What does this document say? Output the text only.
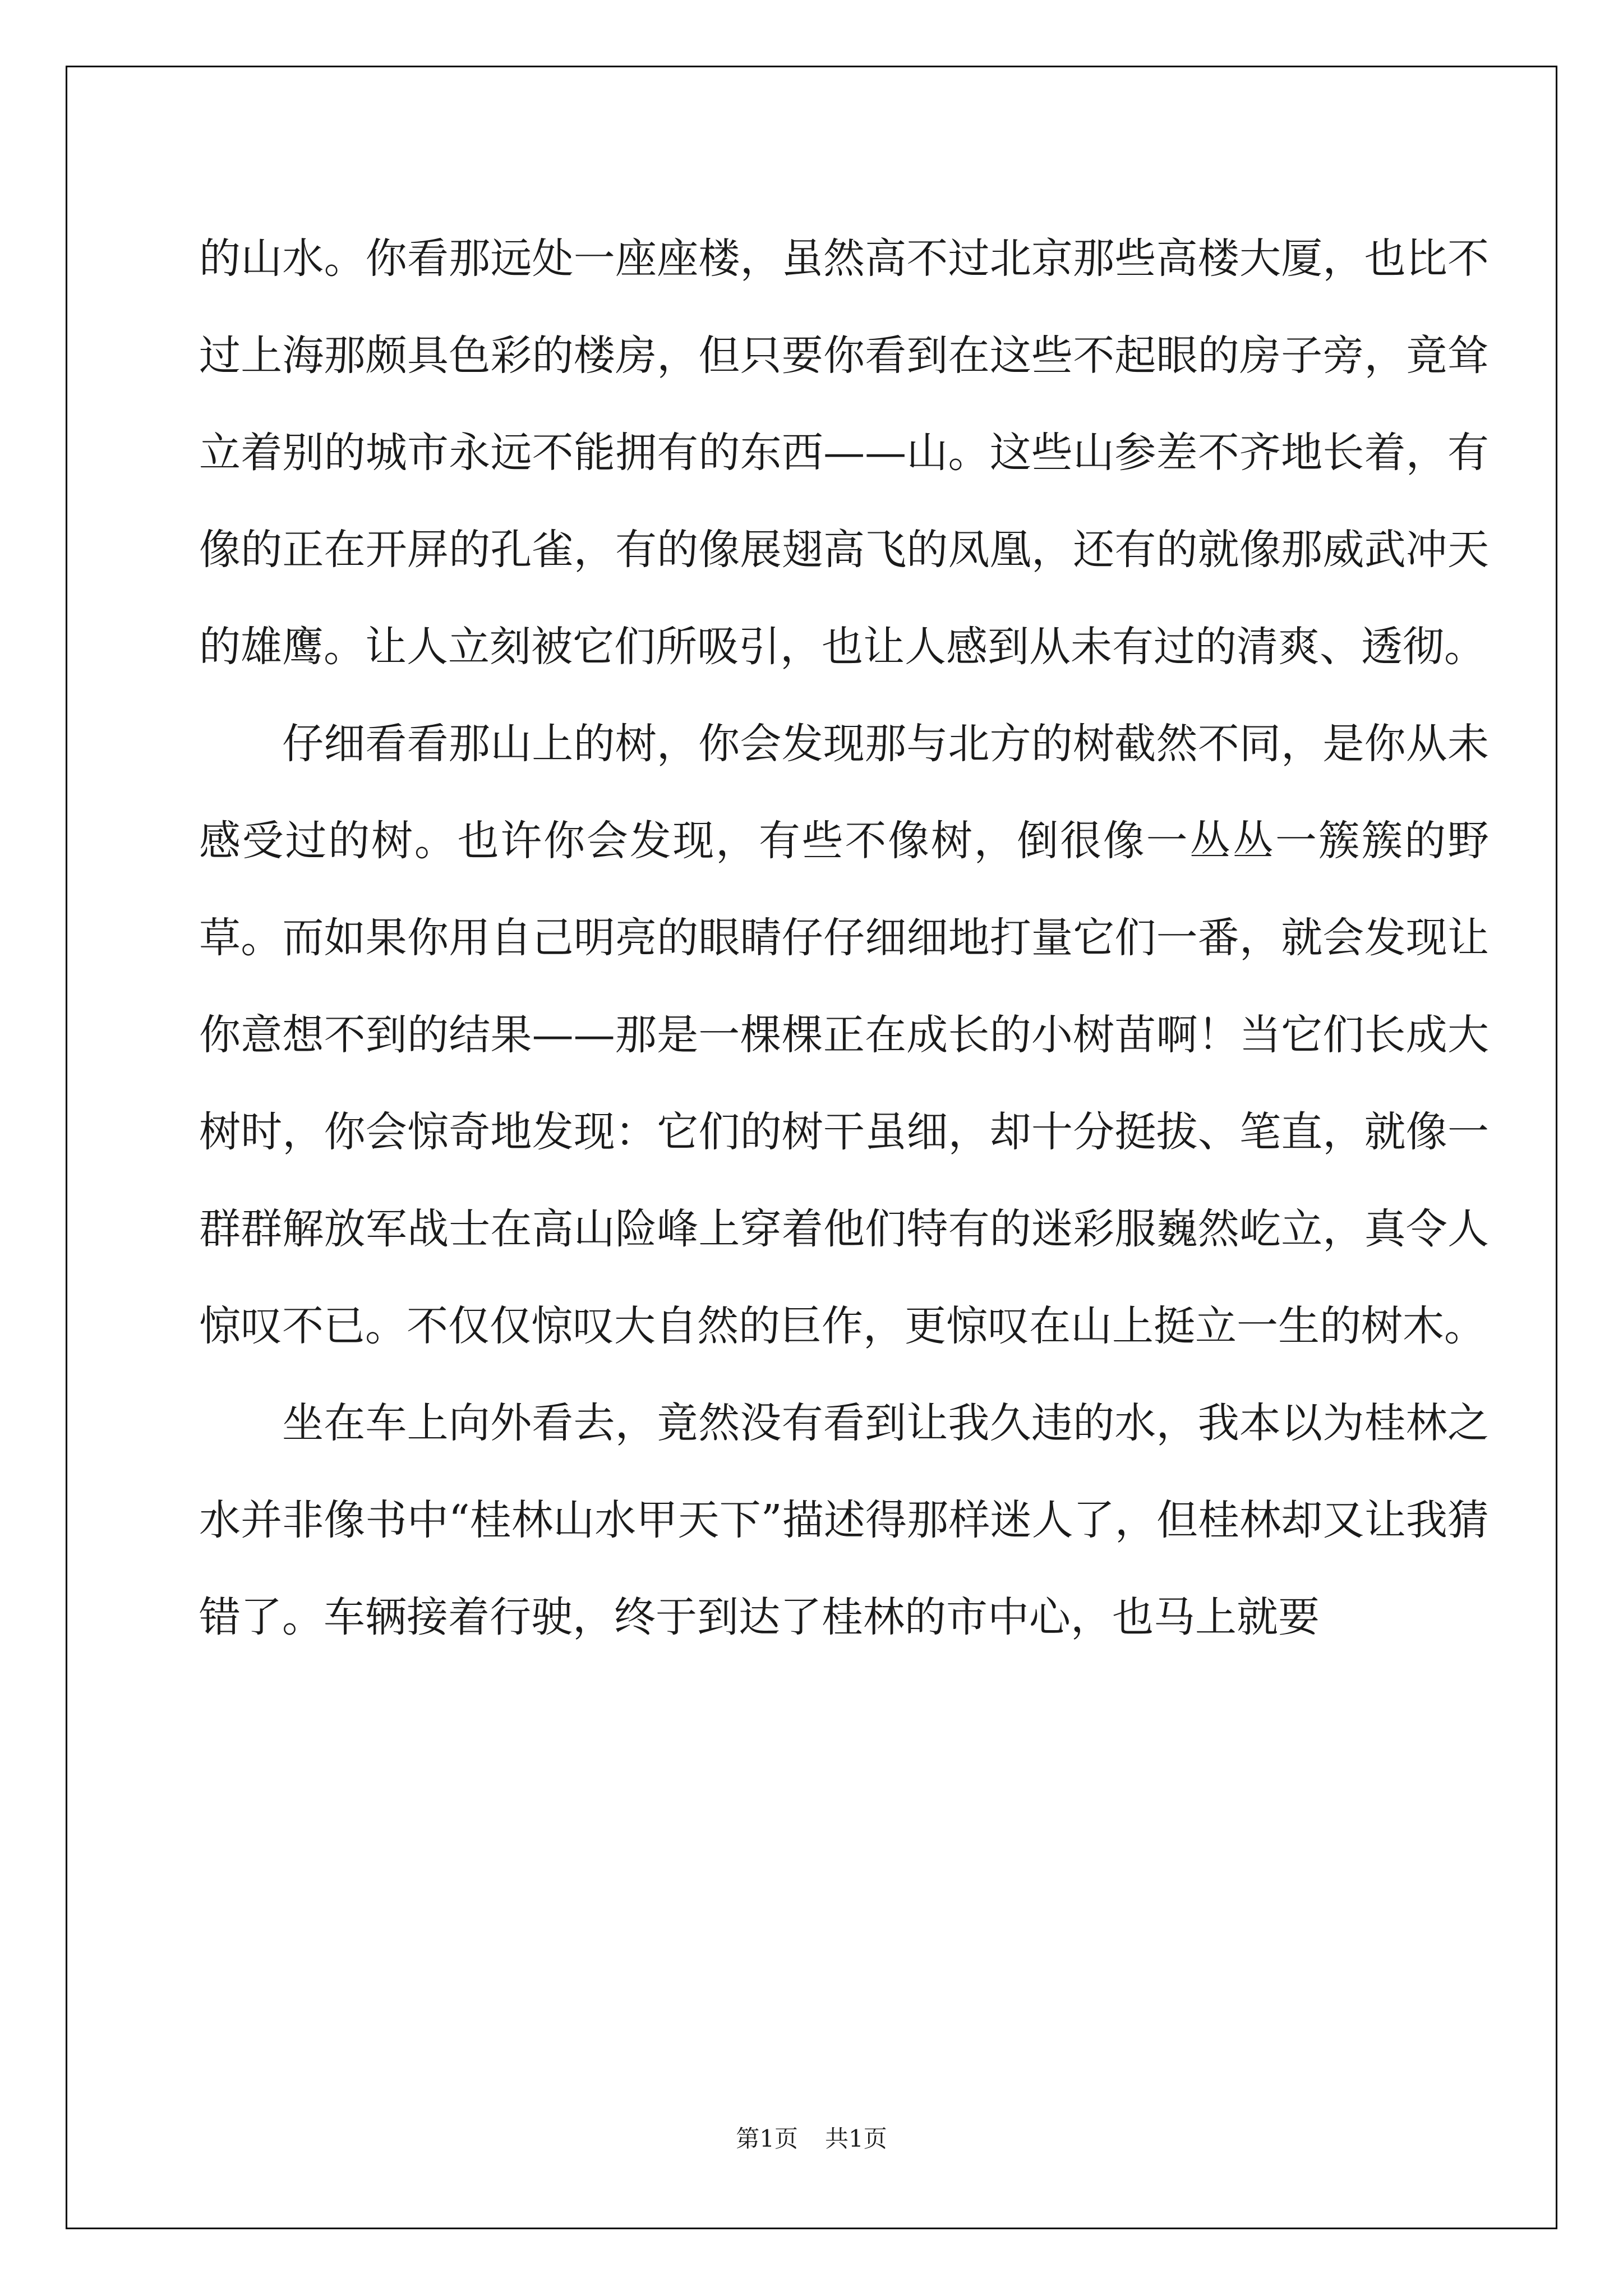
的山水。你看那远处一座座楼，虽然高不过北京那些高楼大厦，也比不过上海那颇具色彩的楼房，但只要你看到在这些不起眼的房子旁，竟耸立着别的城市永远不能拥有的东西——山。这些山参差不齐地长着，有像的正在开屏的孔雀，有的像展翅高飞的凤凰，还有的就像那威武冲天的雄鹰。让人立刻被它们所吸引，也让人感到从未有过的清爽、透彻。

仔细看看那山上的树，你会发现那与北方的树截然不同，是你从未感受过的树。也许你会发现，有些不像树，倒很像一丛丛一簇簇的野草。而如果你用自己明亮的眼睛仔仔细细地打量它们一番，就会发现让你意想不到的结果——那是一棵棵正在成长的小树苗啊！当它们长成大树时，你会惊奇地发现：它们的树干虽细，却十分挺拔、笔直，就像一群群解放军战士在高山险峰上穿着他们特有的迷彩服巍然屹立，真令人惊叹不已。不仅仅惊叹大自然的巨作，更惊叹在山上挺立一生的树木。

坐在车上向外看去，竟然没有看到让我久违的水，我本以为桂林之水并非像书中“桂林山水甲天下”描述得那样迷人了，但桂林却又让我猜错了。车辆接着行驶，终于到达了桂林的市中心，也马上就要

第1页 共1页
